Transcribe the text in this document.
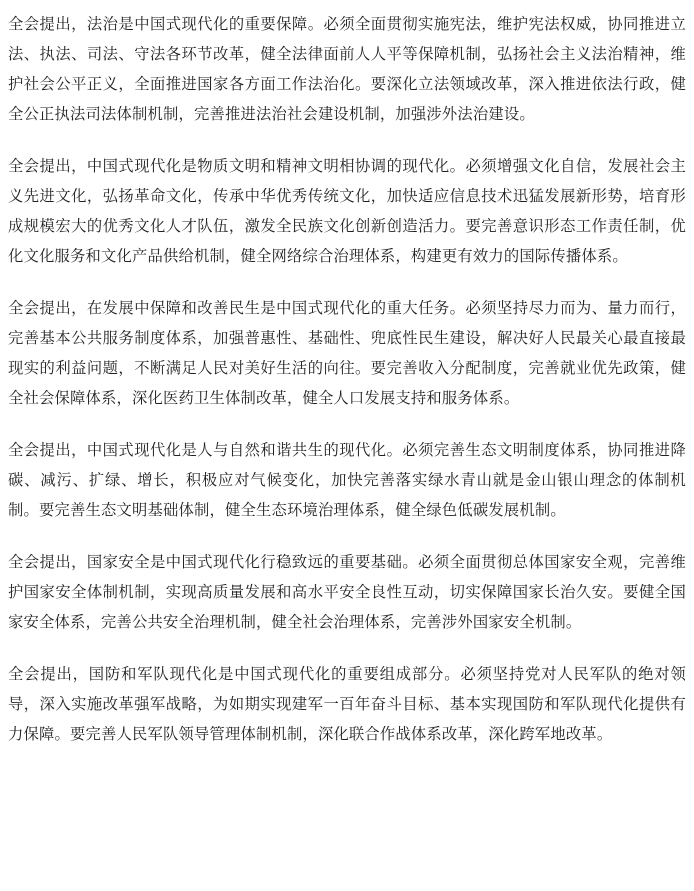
全会提出，法治是中国式现代化的重要保障。必须全面贯彻实施宪法，维护宪法权威，协同推进立法、执法、司法、守法各环节改革，健全法律面前人人平等保障机制，弘扬社会主义法治精神，维护社会公平正义，全面推进国家各方面工作法治化。要深化立法领域改革，深入推进依法行政，健全公正执法司法体制机制，完善推进法治社会建设机制，加强涉外法治建设。

全会提出，中国式现代化是物质文明和精神文明相协调的现代化。必须增强文化自信，发展社会主义先进文化，弘扬革命文化，传承中华优秀传统文化，加快适应信息技术迅猛发展新形势，培育形成规模宏大的优秀文化人才队伍，激发全民族文化创新创造活力。要完善意识形态工作责任制，优化文化服务和文化产品供给机制，健全网络综合治理体系，构建更有效力的国际传播体系。

全会提出，在发展中保障和改善民生是中国式现代化的重大任务。必须坚持尽力而为、量力而行，完善基本公共服务制度体系，加强普惠性、基础性、兜底性民生建设，解决好人民最关心最直接最现实的利益问题，不断满足人民对美好生活的向往。要完善收入分配制度，完善就业优先政策，健全社会保障体系，深化医药卫生体制改革，健全人口发展支持和服务体系。

全会提出，中国式现代化是人与自然和谐共生的现代化。必须完善生态文明制度体系，协同推进降碳、减污、扩绿、增长，积极应对气候变化，加快完善落实绿水青山就是金山银山理念的体制机制。要完善生态文明基础体制，健全生态环境治理体系，健全绿色低碳发展机制。

全会提出，国家安全是中国式现代化行稳致远的重要基础。必须全面贯彻总体国家安全观，完善维护国家安全体制机制，实现高质量发展和高水平安全良性互动，切实保障国家长治久安。要健全国家安全体系，完善公共安全治理机制，健全社会治理体系，完善涉外国家安全机制。

全会提出，国防和军队现代化是中国式现代化的重要组成部分。必须坚持党对人民军队的绝对领导，深入实施改革强军战略，为如期实现建军一百年奋斗目标、基本实现国防和军队现代化提供有力保障。要完善人民军队领导管理体制机制，深化联合作战体系改革，深化跨军地改革。
